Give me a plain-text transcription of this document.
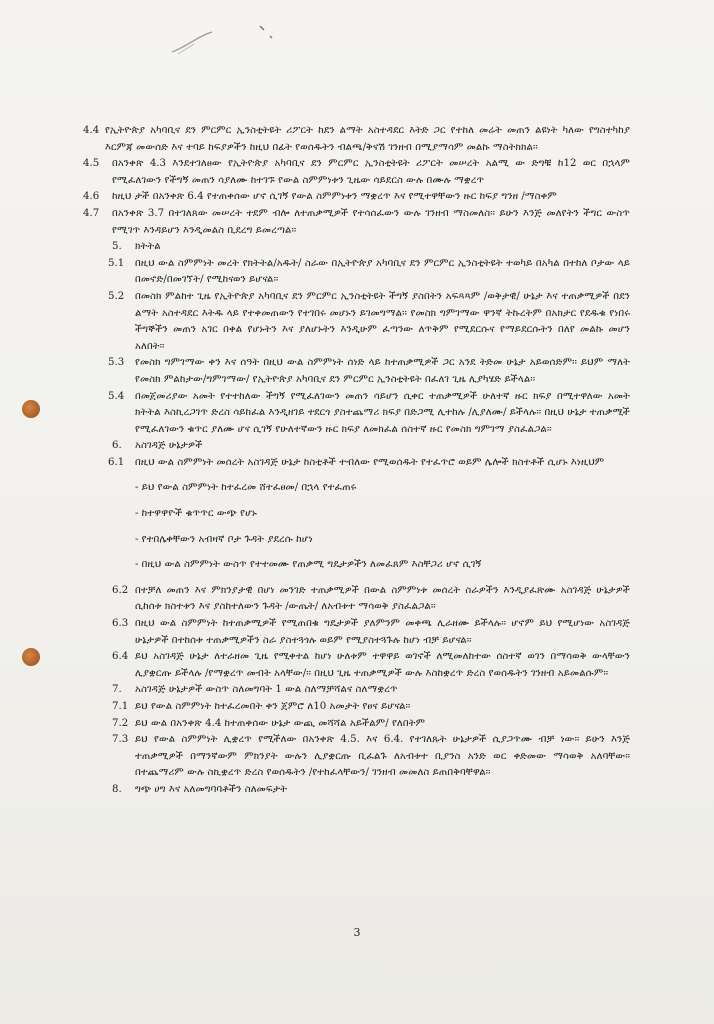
4.4 የኢትዮጵያ አካባቢና ደን ምርምር ኢንስቲትዩት ሪፖርት ከደን ልማት አስተዳደር እትድ ጋር የተከለ መሬት መጠን ልዩነት ካለው የግስተካከያ እርምጃ መውሰድ እና ተባይ ከፍያዎችን ከዚህ በፊት የወሰዱትን ብልጫ/ቅናሽ ገንዘብ በሚያማሳም መልኩ ማስትክክል፡፡
4.5 በአንቀጽ 4.3 እንደተገለፀው የኢትዮጵያ አካባቢና ደን ምርምር ኢንስቲትዩት ሪፖርት መሠረት አልሚ ው ድግቹ ከ12 ወር በኋላም የሚፈለገውን የችግኝ መጠን ሳያለሙ ከተገኙ የውል ስምምነቱን ጊዜው ሳይደርስ ውሉ በሙሉ ማቋረጥ
4.6 ከዚህ ታች በአንቀጽ 6.4 የተጠቀሰው ሆኖ ሲገኝ የውል ስምምነቱን ማቋረጥ እና የሚተዋቸውን ዙር ከፍያ ግንዘ /ማስቀም
4.7 በአንቀጽ 3.7 በተገለጸው መሠረት ተደም ብሎ ለተጠቃሚዎች የተሳሰፈውን ውሉ ገንዘብ ማስመለስ፡፡ ይሁን እንጅ መለየትን ችግር ውስጥ የሚገጥ እንዳይሆን እንዲመልስ ቢደረግ ይመረጣል፡፡
5. ክትትል
5.1 በዚህ ውል ስምምነት መረት የክትትል/አዱት/ ስራው በኢትዮጵያ አካባቢና ደን ምርምር ኢንስቲትዩት ተወካይ በአካል በተከለ ቦታው ላይ በመኖድ/በመገኘት/ የሚከናወን ይሆናል፡፡
5.2 በመስክ ምልከተ ጊዜ የኢትዮጵያ አካባቢና ደን ምርምር ኢንስቲትዩት ችግኝ ያስበትን አፍጻጻም /ወቅታዊ/ ሁኔታ እና ተጠቃሚዎች በደን ልማት አስተዳደር እትዱ ላይ የተቀመጠውን የተገበሩ መሆኑን ይገመግማል፡፡ የመስክ ግምገማው ዋንኛ ትኩረትም በአክታር የደዱቁ የነበሩ ችግኞችን መጠን አገር በቀል የሆኑትን እና ያለሆኑትን እንዲሁም ፈጣንው ለጥቅም የሚደርሱና የማይደርሱትን በለየ መልኩ መሆን አለበት፡፡
5.3 የመስክ ግምገማው ቀን እና ሰዓት በዚህ ውል ስምምነት ሰነድ ላይ ከተጠቃሚዎች ጋር አንደ ትድመ ሁኔታ አይወሰድም፡፡ ይህም ማለት የመስክ ምልከታው/ግምገማው/ የኢትዮጵያ አካባቢና ደን ምርምር ኢንስቲትዩት በፈለገ ጊዜ ሊያካሄድ ይችላል፡፡
5.4 በመጀመሪያው አመት የተተከለው ችግኝ የሚፈለገውን መጠን ሳይሆን ሲቀር ተጠቃሚዎች ሁለተኛ ዙር ክፍያ በሚተዋለው አመት ክትትል እስኪረጋገጥ ድረስ ሳይከፈል እንዲዘገይ ተደርጎ ያስተጨማሪ ክፍያ በድጋሚ ሊተከሉ /ሊያለሙ/ ይችላሉ፡፡ በዚህ ሁኔታ ተጠቃሚች የሚፈለገውን ቁጥር ያለሙ ሆና ሲገኝ የሁለተኛውን ዙር ክፍያ ለመክፈል ሰስተኛ ዙር የመስክ ግምገማ ያስፈልጋል፡፡
6. አስገዳጅ ሁኔታዎች
6.1 በዚህ ውል ስምምነት መሰረት አስገዳጅ ሁኔታ ከስቲቶች ተብለው የሚወሰዱት የተፈጥሮ ወይም ሌሎች ክስተቶች ሲሆኑ እነዚህም
- ይህ የውል ስምምነት ከተፈረመ ሸተፈፀመ/ በኋላ የተፈጠሩ
- ከተዋዋዮች ቁጥጥር ውጭ የሆኑ
- የተበሌቀቸውን አብዛኛ ቦታ ጉዳት ያደረሱ ከሆነ
- በዚህ ውል ስምምነት ውስጥ የተተመሙ የጠቃሚ ግዴታዎችን ለመፈጸም እስቸጋሪ ሆኖ ሲገኝ
6.2 በተቻለ መጠን እና ምክንያታዊ በሆነ መንገድ ተጠቃሚዎች በውል ስምምነቱ መሰረት ስራዎችን እንዲያፈጽሙ አስገዳጅ ሁኔታዎች ሲከሰቱ ክስተቱን እና ያስከተለውን ጉዳት /ውጤት/ ለአብቱተ ማሳወቅ ያስፈልጋል፡፡
6.3 በዚህ ውል ስምምነት ከተጠቃሚዎች የሚጠበቁ ግዴታዎች ያለምንም መቀጫ ሊራዘሙ ይችላሉ፡፡ ሆኖም ይህ የሚሆነው አስገዳጅ ሁኔታዎች በተከሰቱ ተጠቃሚዎችን ስራ ያስተጓጎሉ ወይም የሚያስተጓጉሉ ከሆነ ብቻ ይሆናል፡፡
6.4 ይህ አስገዳጅ ሁኔታ ለተራዘመ ጊዜ የሚቀተል ከሆነ ሁለቱም ተዋዋይ ወገኖች ለሚመለከተው ሰስተኛ ወገን በማሳወቅ ውላቸውን ሊያቋርጡ ይችላሉ /የማቋረጥ መብት አላቸው/፡፡ በዚህ ጊዜ ተጠቃሚዎች ውሉ እስከቋረጥ ድረስ የወሰዱትን ገንዘብ አይመልሱም፡፡
7. አስገዳጅ ሁኔታዎች ውስጥ ስለመግባት 1 ውል ስለማቻሻልና ስለማቋረጥ
7.1 ይህ የውል ስምምነት ከተፈረመበት ቀን ጀምሮ ለ10 አመታት የፀና ይሆናል፡፡
7.2 ይህ ውል በአንቀጽ 4.4 ከተጠቀሰው ሁኔታ ውጪ መሻሻል አይችልም/ የለበትም
7.3 ይህ የውል ስምምነት ሊቋረጥ የሚችለው በአንቀጽ 4.5. እና 6.4. የተገለጹት ሁኔታዎች ሲያጋጥሙ ብቻ ነው፡፡ ይሁን እንጅ ተጠቃሚዎች በማንኛውም ምክንያት ውሉን ሊያቋርጡ ቢፈልጉ ለአብቱተ ቢያንስ አንድ ወር ቀድመው ማሳወቅ አለባቸው፡፡ በተጨማሪም ውሉ ስኪቋረጥ ድረስ የወሰዱትን /የተከፈላቸውን/ ገንዘብ መመለስ ይጠበቅባቸዋል፡፡
8. ግጭ ሀግ እና አለመግባባቶችን ስለመፍታት
3
